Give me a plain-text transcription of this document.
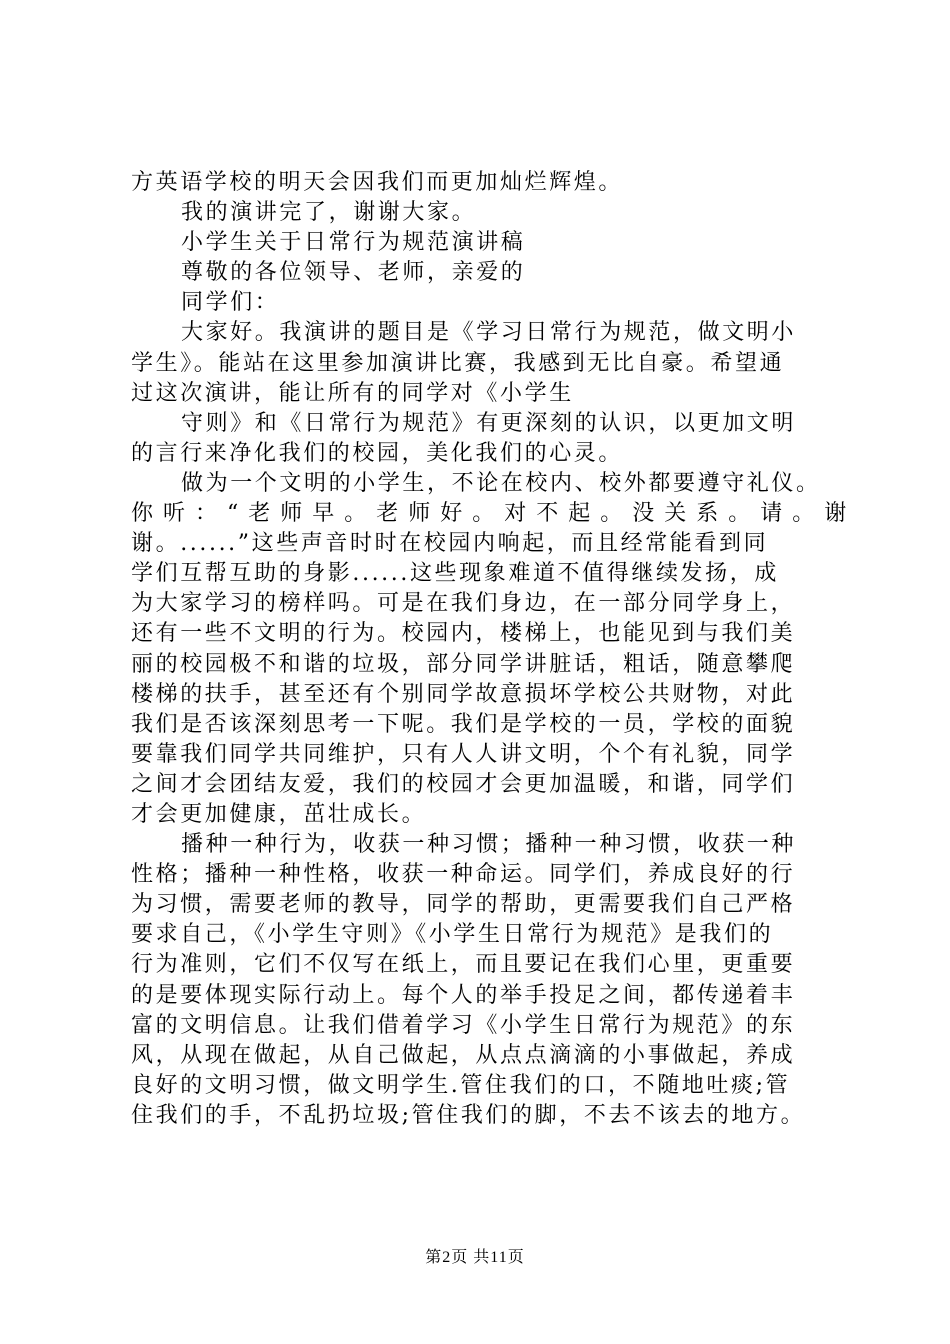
方英语学校的明天会因我们而更加灿烂辉煌。
我的演讲完了，谢谢大家。
小学生关于日常行为规范演讲稿
尊敬的各位领导、老师，亲爱的
同学们：
大家好。我演讲的题目是《学习日常行为规范，做文明小
学生》。能站在这里参加演讲比赛，我感到无比自豪。希望通
过这次演讲，能让所有的同学对《小学生
守则》和《日常行为规范》有更深刻的认识，以更加文明
的言行来净化我们的校园，美化我们的心灵。
做为一个文明的小学生，不论在校内、校外都要遵守礼仪。
你听：“老师早。老师好。对不起。没关系。请。谢
谢。......”这些声音时时在校园内响起，而且经常能看到同
学们互帮互助的身影......这些现象难道不值得继续发扬，成
为大家学习的榜样吗。可是在我们身边，在一部分同学身上，
还有一些不文明的行为。校园内，楼梯上，也能见到与我们美
丽的校园极不和谐的垃圾，部分同学讲脏话，粗话，随意攀爬
楼梯的扶手，甚至还有个别同学故意损坏学校公共财物，对此
我们是否该深刻思考一下呢。我们是学校的一员，学校的面貌
要靠我们同学共同维护，只有人人讲文明，个个有礼貌，同学
之间才会团结友爱，我们的校园才会更加温暖，和谐，同学们
才会更加健康，茁壮成长。
播种一种行为，收获一种习惯；播种一种习惯，收获一种
性格；播种一种性格，收获一种命运。同学们，养成良好的行
为习惯，需要老师的教导，同学的帮助，更需要我们自己严格
要求自己，《小学生守则》《小学生日常行为规范》是我们的
行为准则，它们不仅写在纸上，而且要记在我们心里，更重要
的是要体现实际行动上。每个人的举手投足之间，都传递着丰
富的文明信息。让我们借着学习《小学生日常行为规范》的东
风，从现在做起，从自己做起，从点点滴滴的小事做起，养成
良好的文明习惯，做文明学生.管住我们的口，不随地吐痰;管
住我们的手，不乱扔垃圾;管住我们的脚，不去不该去的地方。
第2页 共11页
